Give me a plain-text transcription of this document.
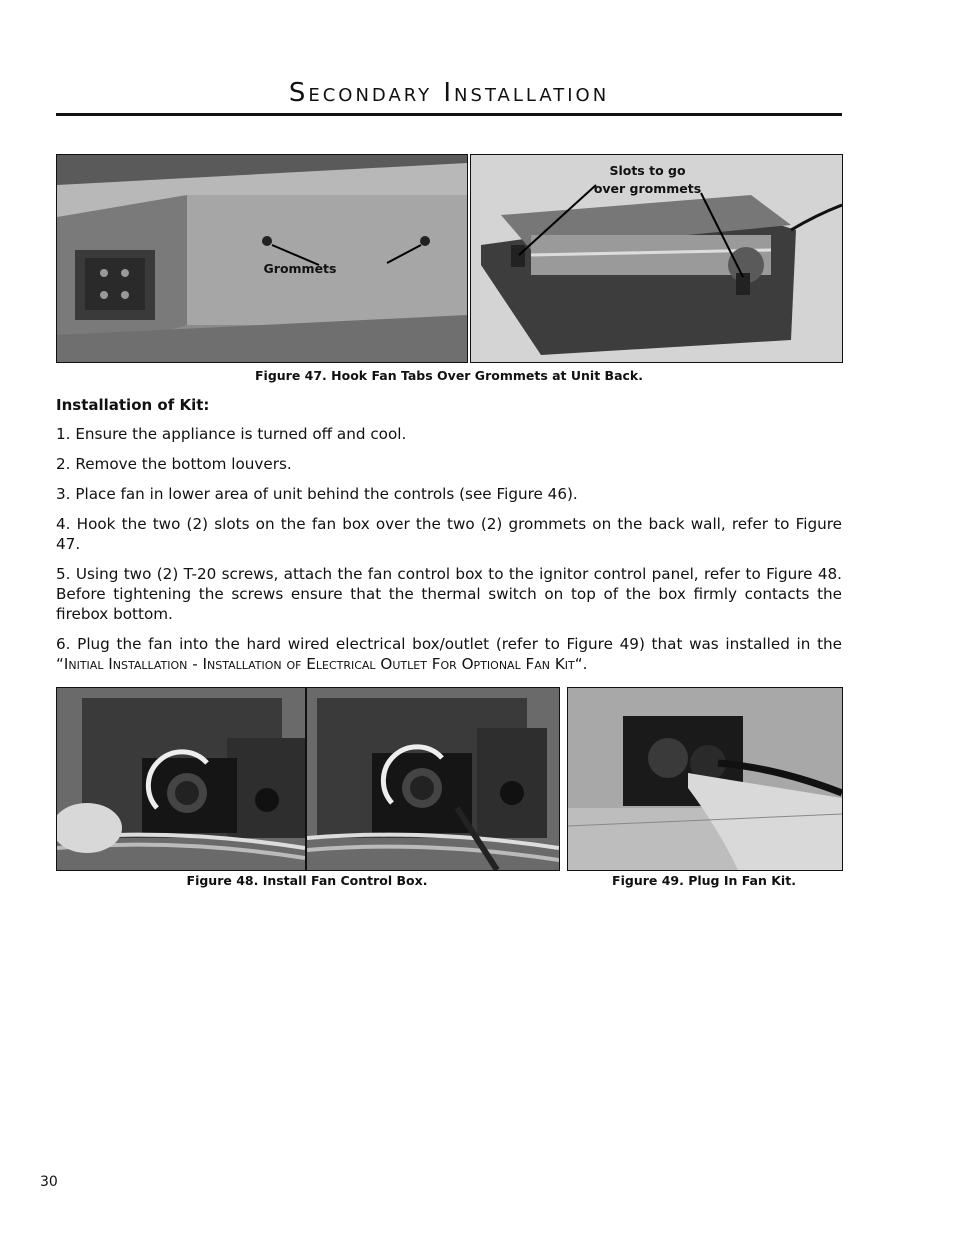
Secondary Installation
Grommets
Slots to go
over grommets

Figure 47. Hook Fan Tabs Over Grommets at Unit Back.

Installation of Kit:
1. Ensure the appliance is turned off and cool.
2. Remove the bottom louvers.
3. Place fan in lower area of unit behind the controls (see Figure 46).
4. Hook the two (2) slots on the fan box over the two (2) grommets on the back wall, refer to Figure 47.
5. Using two (2) T-20 screws, attach the fan control box to the ignitor control panel, refer to Figure 48. Before tightening the screws ensure that the thermal switch on top of the box firmly contacts the firebox bottom.
6. Plug the fan into the hard wired electrical box/outlet (refer to Figure 49) that was installed in the “Initial Installation - Installation of Electrical Outlet For Optional Fan Kit“.

Figure 48. Install Fan Control Box.	Figure 49. Plug In Fan Kit.

30
